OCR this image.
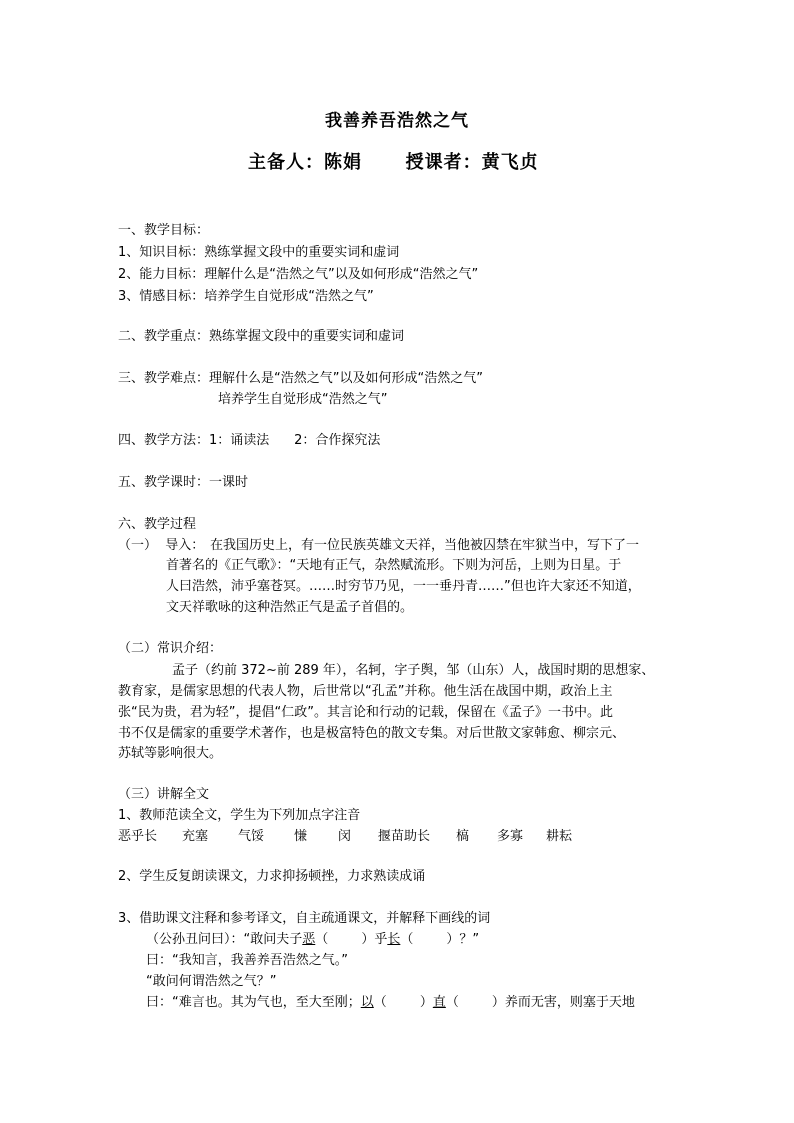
我善养吾浩然之气
主备人：陈娟 授课者：黄飞贞
一、教学目标：
1、知识目标：熟练掌握文段中的重要实词和虚词
2、能力目标：理解什么是“浩然之气”以及如何形成“浩然之气”
3、情感目标：培养学生自觉形成“浩然之气”
二、教学重点：熟练掌握文段中的重要实词和虚词
三、教学难点：理解什么是“浩然之气”以及如何形成“浩然之气”
培养学生自觉形成“浩然之气”
四、教学方法：1：诵读法 2：合作探究法
五、教学课时：一课时
六、教学过程
（一）  导入： 在我国历史上，有一位民族英雄文天祥，当他被囚禁在牢狱当中，写下了一
首著名的《正气歌》：“天地有正气，杂然赋流形。下则为河岳，上则为日星。于
人曰浩然，沛乎塞苍冥。……时穷节乃见，一一垂丹青……”但也许大家还不知道，
文天祥歌咏的这种浩然正气是孟子首倡的。
（二）常识介绍：
孟子（约前 372~前 289 年），名轲，字子舆，邹（山东）人，战国时期的思想家、
教育家，是儒家思想的代表人物，后世常以“孔孟”并称。他生活在战国中期，政治上主
张“民为贵，君为轻”，提倡“仁政”。其言论和行动的记载，保留在《孟子》一书中。此
书不仅是儒家的重要学术著作，也是极富特色的散文专集。对后世散文家韩愈、柳宗元、
苏轼等影响很大。
（三）讲解全文
1、教师范读全文，学生为下列加点字注音
恶乎长 充塞 气馁 慊 闵 揠苗助长 槁 多寡 耕耘
2、学生反复朗读课文，力求抑扬顿挫，力求熟读成诵
3、借助课文注释和参考译文，自主疏通课文，并解释下画线的词
（公孙丑问曰）：“敢问夫子恶（        ）乎长（        ）？”
曰：“我知言，我善养吾浩然之气。”
“敢问何谓浩然之气？”
曰：“难言也。其为气也，至大至刚；以（        ）直（        ）养而无害，则塞于天地
